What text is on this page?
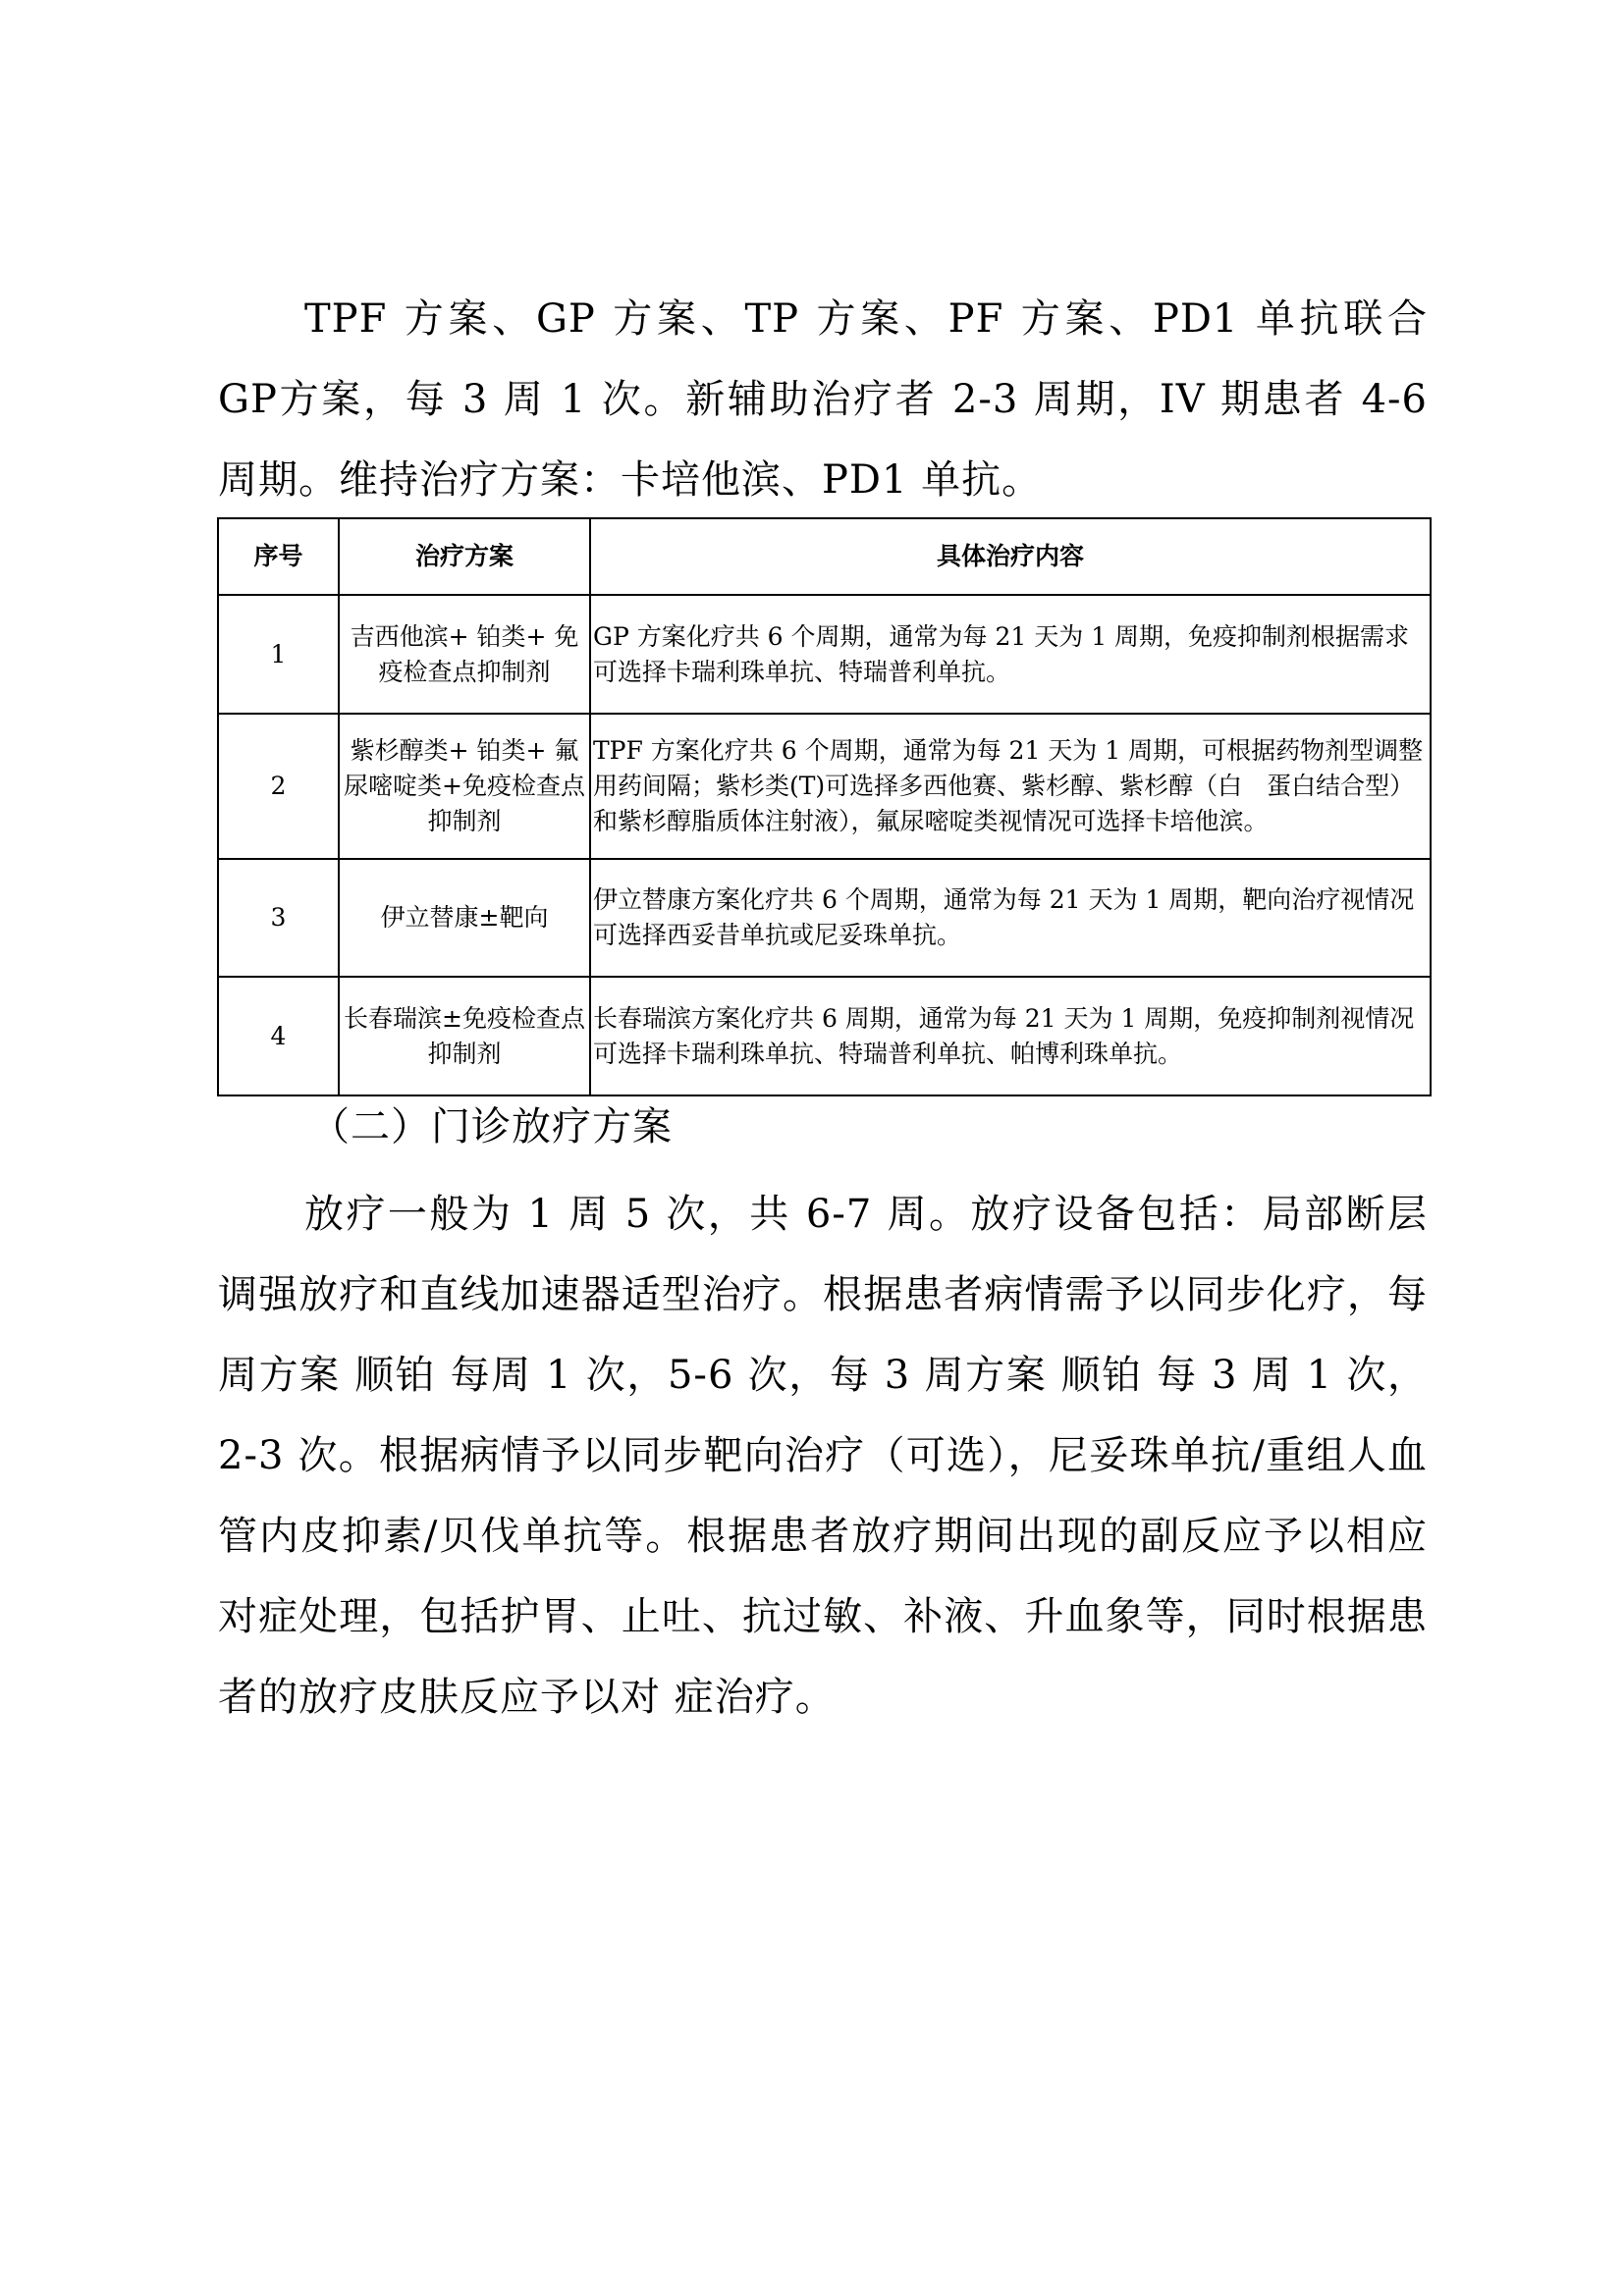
TPF 方案、GP 方案、TP 方案、PF 方案、PD1 单抗联合 GP方案，每 3 周 1 次。新辅助治疗者 2-3 周期，IV 期患者 4-6 周期。维持治疗方案：卡培他滨、PD1 单抗。

序号	治疗方案	具体治疗内容
1	吉西他滨+ 铂类+ 免疫检查点抑制剂	GP 方案化疗共 6 个周期，通常为每 21 天为 1 周期，免疫抑制剂根据需求可选择卡瑞利珠单抗、特瑞普利单抗。
2	紫杉醇类+ 铂类+ 氟尿嘧啶类+免疫检查点抑制剂	TPF 方案化疗共 6 个周期，通常为每 21 天为 1 周期，可根据药物剂型调整用药间隔；紫杉类(T)可选择多西他赛、紫杉醇、紫杉醇（白　蛋白结合型）和紫杉醇脂质体注射液），氟尿嘧啶类视情况可选择卡培他滨。
3	伊立替康±靶向	伊立替康方案化疗共 6 个周期，通常为每 21 天为 1 周期，靶向治疗视情况可选择西妥昔单抗或尼妥珠单抗。
4	长春瑞滨±免疫检查点抑制剂	长春瑞滨方案化疗共 6 周期，通常为每 21 天为 1 周期，免疫抑制剂视情况可选择卡瑞利珠单抗、特瑞普利单抗、帕博利珠单抗。
（二）门诊放疗方案

放疗一般为 1 周 5 次，共 6-7 周。放疗设备包括：局部断层调强放疗和直线加速器适型治疗。根据患者病情需予以同步化疗，每周方案 顺铂 每周 1 次，5-6 次，每 3 周方案 顺铂 每 3 周 1 次，2-3 次。根据病情予以同步靶向治疗（可选），尼妥珠单抗/重组人血管内皮抑素/贝伐单抗等。根据患者放疗期间出现的副反应予以相应对症处理，包括护胃、止吐、抗过敏、补液、升血象等，同时根据患者的放疗皮肤反应予以对 症治疗。
